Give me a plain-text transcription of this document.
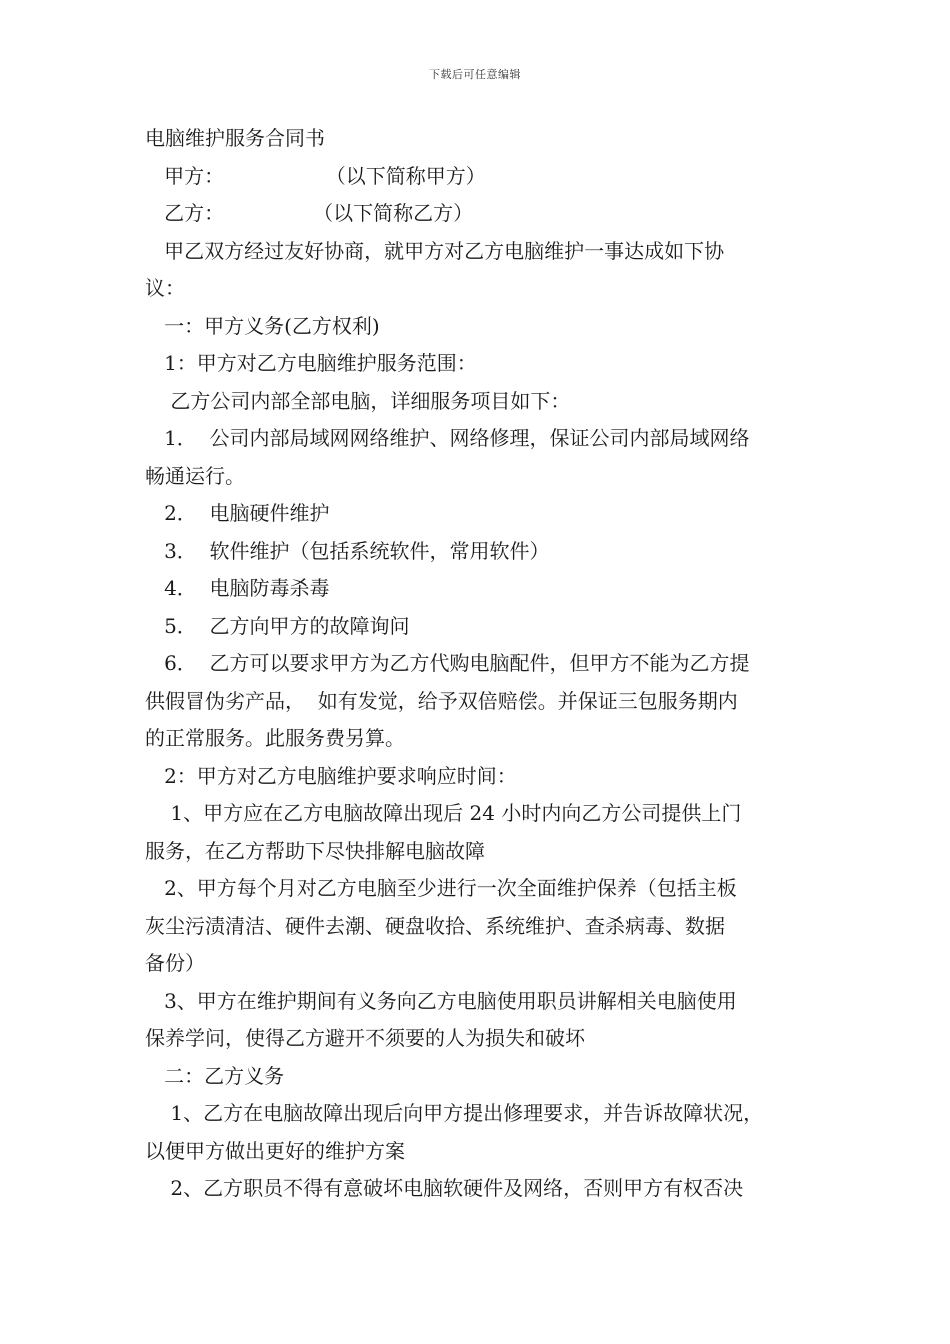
下载后可任意编辑

电脑维护服务合同书

甲方：                （以下简称甲方）

乙方：              （以下简称乙方）

甲乙双方经过友好协商，就甲方对乙方电脑维护一事达成如下协

议：

一：甲方义务(乙方权利)

1：甲方对乙方电脑维护服务范围：

乙方公司内部全部电脑，详细服务项目如下：

1．  公司内部局域网网络维护、网络修理，保证公司内部局域网络

畅通运行。

2．  电脑硬件维护

3．  软件维护（包括系统软件，常用软件）

4．  电脑防毒杀毒

5．  乙方向甲方的故障询问

6．  乙方可以要求甲方为乙方代购电脑配件，但甲方不能为乙方提

供假冒伪劣产品，  如有发觉，给予双倍赔偿。并保证三包服务期内

的正常服务。此服务费另算。

2：甲方对乙方电脑维护要求响应时间：

1、甲方应在乙方电脑故障出现后 24 小时内向乙方公司提供上门

服务，在乙方帮助下尽快排解电脑故障

2、甲方每个月对乙方电脑至少进行一次全面维护保养（包括主板

灰尘污渍清洁、硬件去潮、硬盘收拾、系统维护、查杀病毒、数据

备份）

3、甲方在维护期间有义务向乙方电脑使用职员讲解相关电脑使用

保养学问，使得乙方避开不须要的人为损失和破坏

二：乙方义务

1、乙方在电脑故障出现后向甲方提出修理要求，并告诉故障状况，

以便甲方做出更好的维护方案

2、乙方职员不得有意破坏电脑软硬件及网络，否则甲方有权否决
